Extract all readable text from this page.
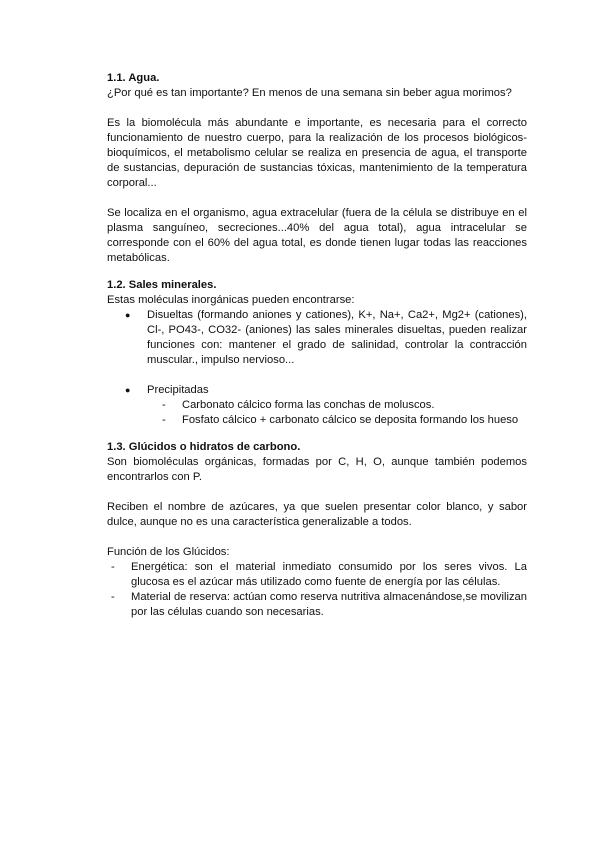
1.1. Agua.

¿Por qué es tan importante? En menos de una semana sin beber agua morimos?

Es la biomolécula más abundante e importante, es necesaria para el correcto funcionamiento de nuestro cuerpo, para la realización de los procesos biológicos-bioquímicos, el metabolismo celular se realiza en presencia de agua, el transporte de sustancias, depuración de sustancias tóxicas, mantenimiento de la temperatura corporal...

Se localiza en el organismo, agua extracelular (fuera de la célula se distribuye en el plasma sanguíneo, secreciones...40% del agua total), agua intracelular se corresponde con el 60% del agua total, es donde tienen lugar todas las reacciones metabólicas.

1.2. Sales minerales.

Estas moléculas inorgánicas pueden encontrarse:

● Disueltas (formando aniones y cationes), K+, Na+, Ca2+, Mg2+ (cationes), Cl-, PO43-, CO32- (aniones) las sales minerales disueltas, pueden realizar funciones con: mantener el grado de salinidad, controlar la contracción muscular., impulso nervioso...

● Precipitadas

- Carbonato cálcico forma las conchas de moluscos.

- Fosfato cálcico + carbonato cálcico se deposita formando los hueso

1.3. Glúcidos o hidratos de carbono.

Son biomoléculas orgánicas, formadas por C, H, O, aunque también podemos encontrarlos con P.

Reciben el nombre de azúcares, ya que suelen presentar color blanco, y sabor dulce, aunque no es una característica generalizable a todos.

Función de los Glúcidos:

- Energética: son el material inmediato consumido por los seres vivos. La glucosa es el azúcar más utilizado como fuente de energía por las células.

- Material de reserva: actúan como reserva nutritiva almacenándose,se movilizan por las células cuando son necesarias.
